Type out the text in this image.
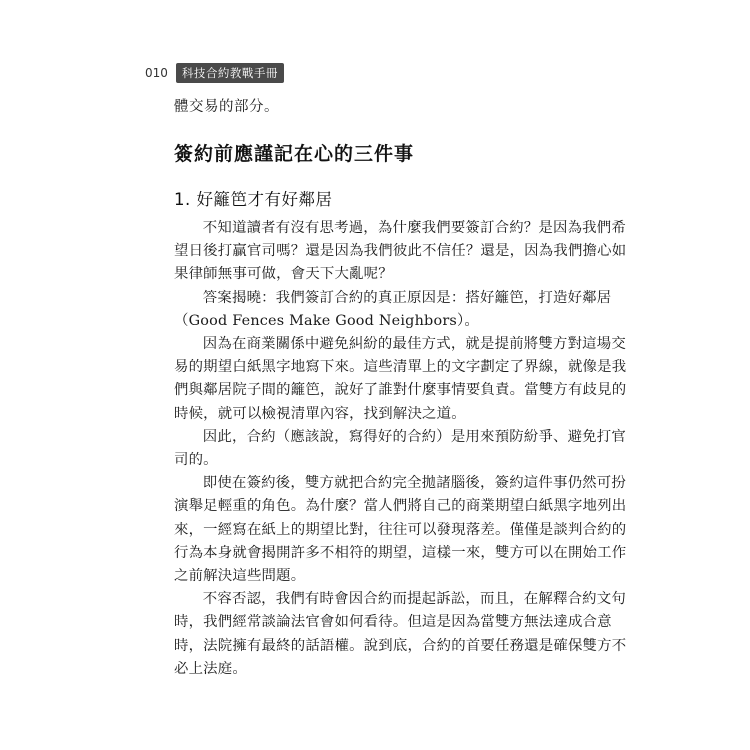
010	科技合約教戰手冊
體交易的部分。
簽約前應謹記在心的三件事
1. 好籬笆才有好鄰居

不知道讀者有沒有思考過，為什麼我們要簽訂合約？是因為我們希
望日後打贏官司嗎？還是因為我們彼此不信任？還是，因為我們擔心如
果律師無事可做，會天下大亂呢？

答案揭曉：我們簽訂合約的真正原因是：搭好籬笆，打造好鄰居
（Good Fences Make Good Neighbors）。

因為在商業關係中避免糾紛的最佳方式，就是提前將雙方對這場交
易的期望白紙黑字地寫下來。這些清單上的文字劃定了界線，就像是我
們與鄰居院子間的籬笆，說好了誰對什麼事情要負責。當雙方有歧見的
時候，就可以檢視清單內容，找到解決之道。

因此，合約（應該說，寫得好的合約）是用來預防紛爭、避免打官
司的。

即使在簽約後，雙方就把合約完全拋諸腦後，簽約這件事仍然可扮
演舉足輕重的角色。為什麼？當人們將自己的商業期望白紙黑字地列出
來，一經寫在紙上的期望比對，往往可以發現落差。僅僅是談判合約的
行為本身就會揭開許多不相符的期望，這樣一來，雙方可以在開始工作
之前解決這些問題。

不容否認，我們有時會因合約而提起訴訟，而且，在解釋合約文句
時，我們經常談論法官會如何看待。但這是因為當雙方無法達成合意
時，法院擁有最終的話語權。說到底，合約的首要任務還是確保雙方不
必上法庭。
